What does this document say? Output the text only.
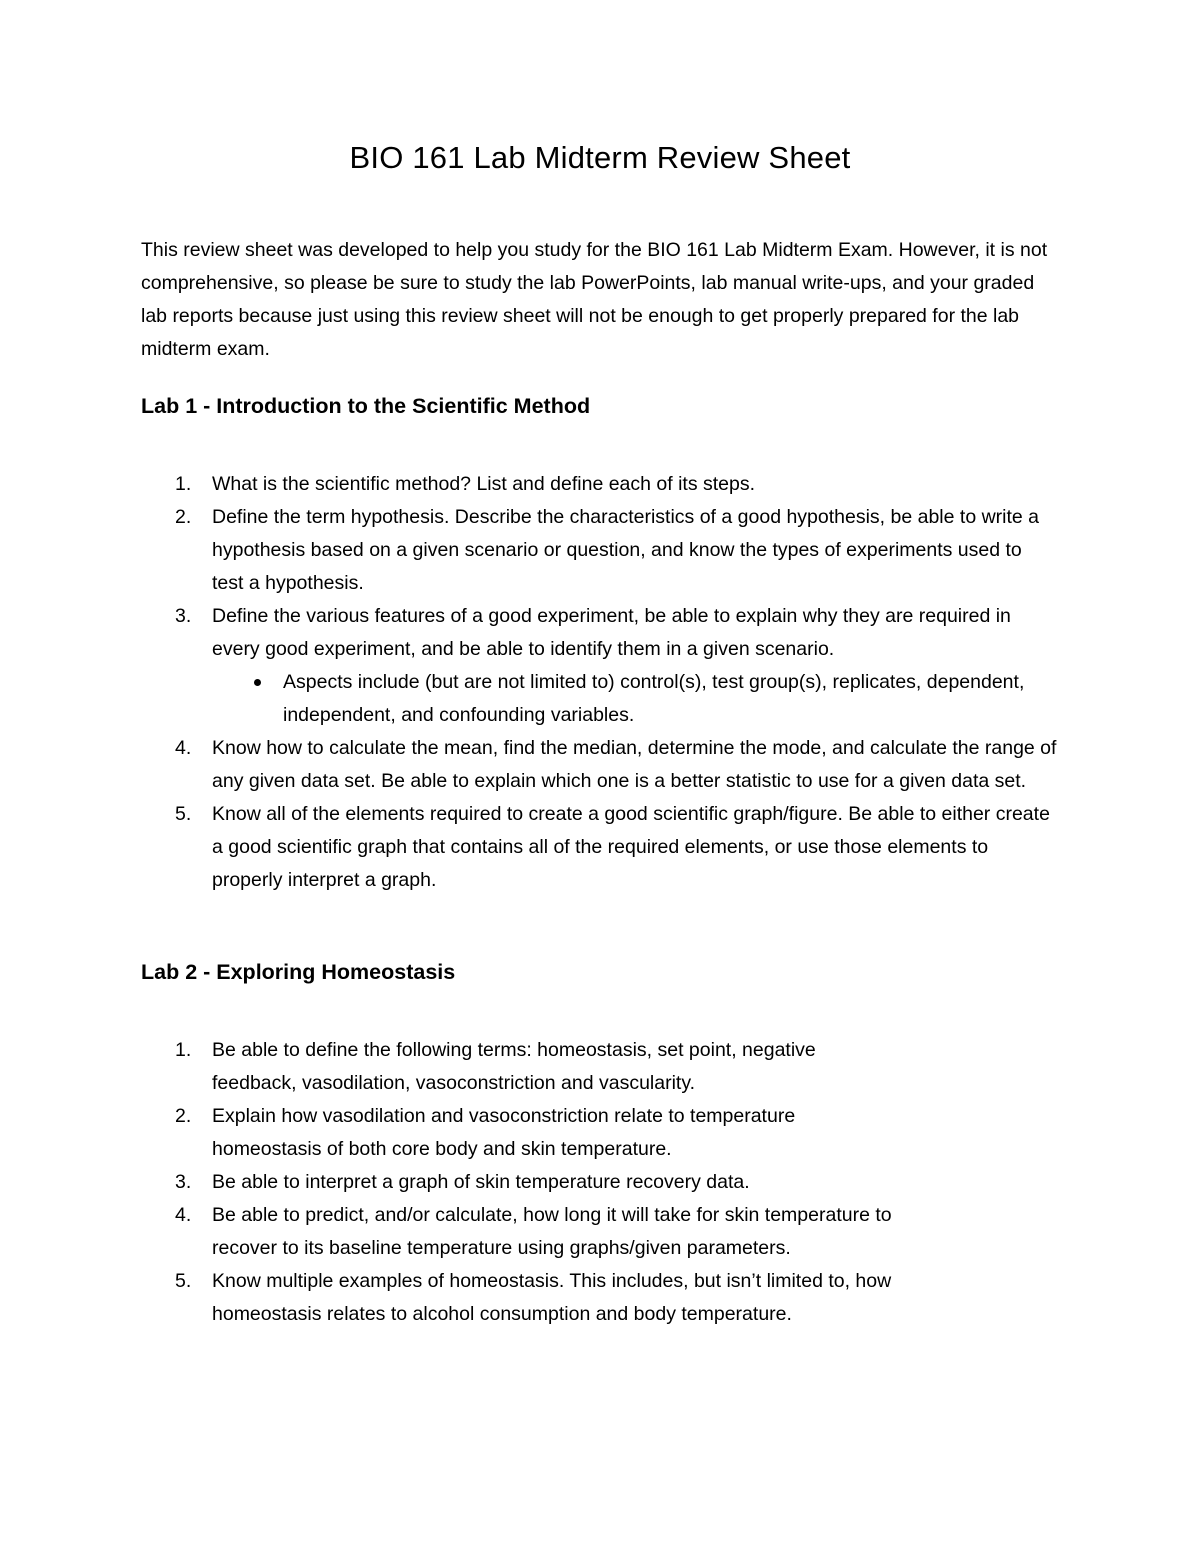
BIO 161 Lab Midterm Review Sheet

This review sheet was developed to help you study for the BIO 161 Lab Midterm Exam. However, it is not comprehensive, so please be sure to study the lab PowerPoints, lab manual write-ups, and your graded lab reports because just using this review sheet will not be enough to get properly prepared for the lab midterm exam.

Lab 1 - Introduction to the Scientific Method
1. What is the scientific method? List and define each of its steps.
2. Define the term hypothesis. Describe the characteristics of a good hypothesis, be able to write a hypothesis based on a given scenario or question, and know the types of experiments used to test a hypothesis.
3. Define the various features of a good experiment, be able to explain why they are required in every good experiment, and be able to identify them in a given scenario.
Aspects include (but are not limited to) control(s), test group(s), replicates, dependent, independent, and confounding variables.
4. Know how to calculate the mean, find the median, determine the mode, and calculate the range of any given data set. Be able to explain which one is a better statistic to use for a given data set.
5. Know all of the elements required to create a good scientific graph/figure. Be able to either create a good scientific graph that contains all of the required elements, or use those elements to properly interpret a graph.
Lab 2 - Exploring Homeostasis
1. Be able to define the following terms: homeostasis, set point, negative feedback, vasodilation, vasoconstriction and vascularity.
2. Explain how vasodilation and vasoconstriction relate to temperature homeostasis of both core body and skin temperature.
3. Be able to interpret a graph of skin temperature recovery data.
4. Be able to predict, and/or calculate, how long it will take for skin temperature to recover to its baseline temperature using graphs/given parameters.
5. Know multiple examples of homeostasis. This includes, but isn’t limited to, how homeostasis relates to alcohol consumption and body temperature.
